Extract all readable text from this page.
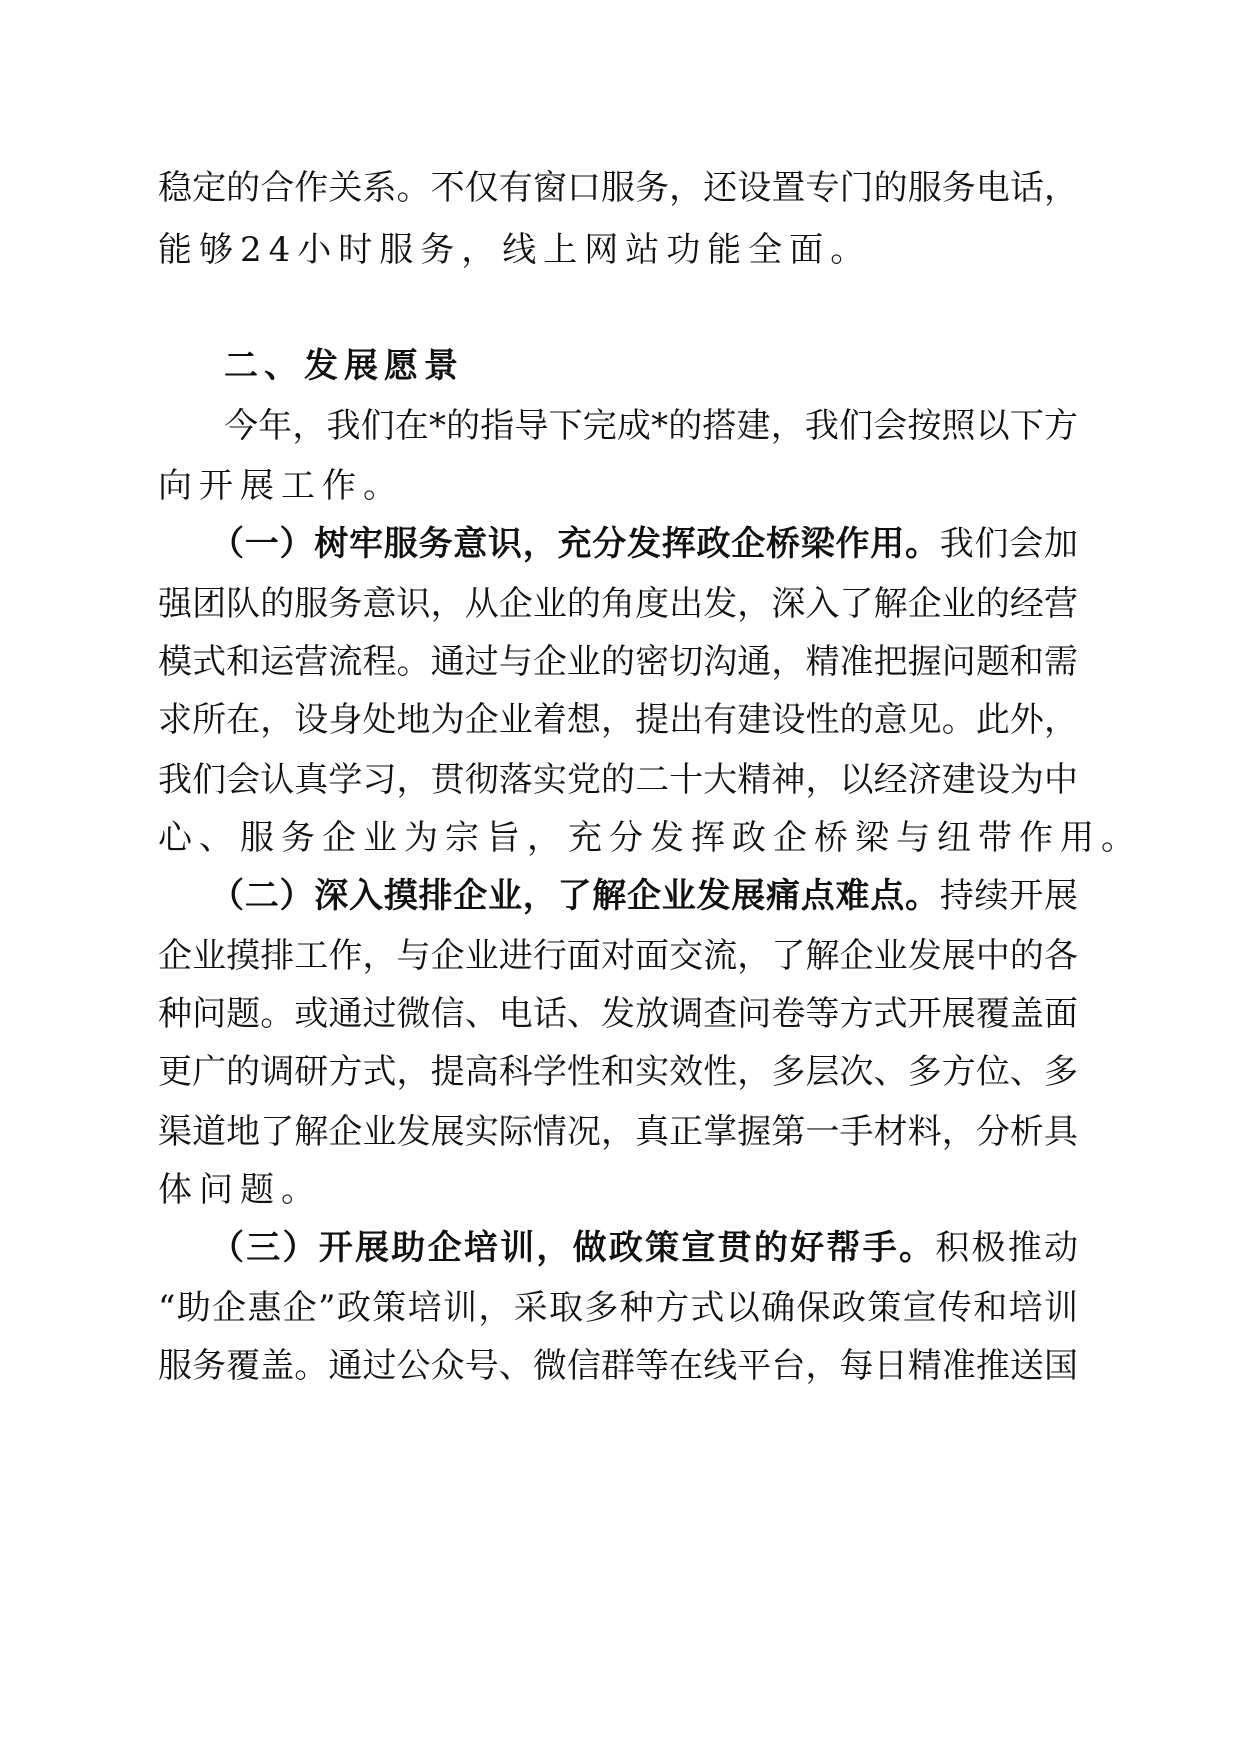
稳定的合作关系。不仅有窗口服务，还设置专门的服务电话，
能够24小时服务，线上网站功能全面。
二、发展愿景
今年，我们在*的指导下完成*的搭建，我们会按照以下方
向开展工作。
（一）树牢服务意识，充分发挥政企桥梁作用。我们会加
强团队的服务意识，从企业的角度出发，深入了解企业的经营
模式和运营流程。通过与企业的密切沟通，精准把握问题和需
求所在，设身处地为企业着想，提出有建设性的意见。此外，
我们会认真学习，贯彻落实党的二十大精神，以经济建设为中
心、服务企业为宗旨，充分发挥政企桥梁与纽带作用。
（二）深入摸排企业，了解企业发展痛点难点。持续开展
企业摸排工作，与企业进行面对面交流，了解企业发展中的各
种问题。或通过微信、电话、发放调查问卷等方式开展覆盖面
更广的调研方式，提高科学性和实效性，多层次、多方位、多
渠道地了解企业发展实际情况，真正掌握第一手材料，分析具
体问题。
（三）开展助企培训，做政策宣贯的好帮手。积极推动
“助企惠企”政策培训，采取多种方式以确保政策宣传和培训
服务覆盖。通过公众号、微信群等在线平台，每日精准推送国
